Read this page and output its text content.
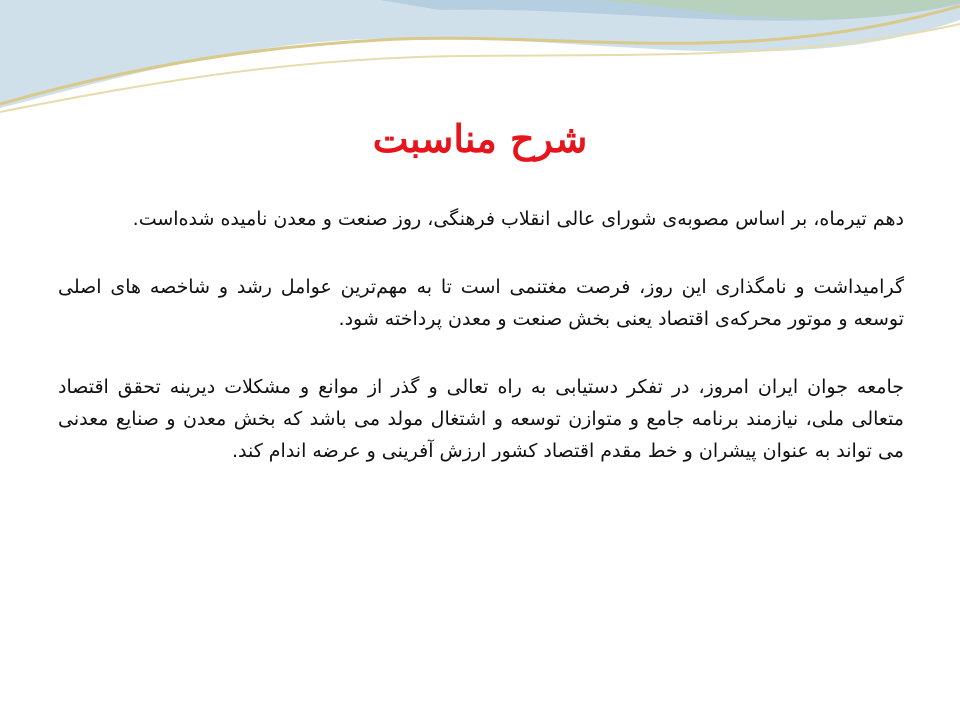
شرح مناسبت

دهم تیرماه، بر اساس مصوبه‌ی شورای عالی انقلاب فرهنگی، روز صنعت و معدن نامیده شده‌است.

گرامیداشت و نامگذاری این روز، فرصت مغتنمی است تا به مهم‌ترین عوامل رشد و شاخصه های اصلی توسعه و موتور محرکه‌ی اقتصاد یعنی بخش صنعت و معدن پرداخته شود.

جامعه جوان ایران امروز، در تفکر دستیابی به راه تعالی و گذر از موانع و مشکلات دیرینه تحقق اقتصاد متعالی ملی، نیازمند برنامه جامع و متوازن توسعه و اشتغال مولد می باشد که بخش معدن و صنایع معدنی می تواند به عنوان پیشران و خط مقدم اقتصاد کشور ارزش آفرینی و عرضه اندام کند.
